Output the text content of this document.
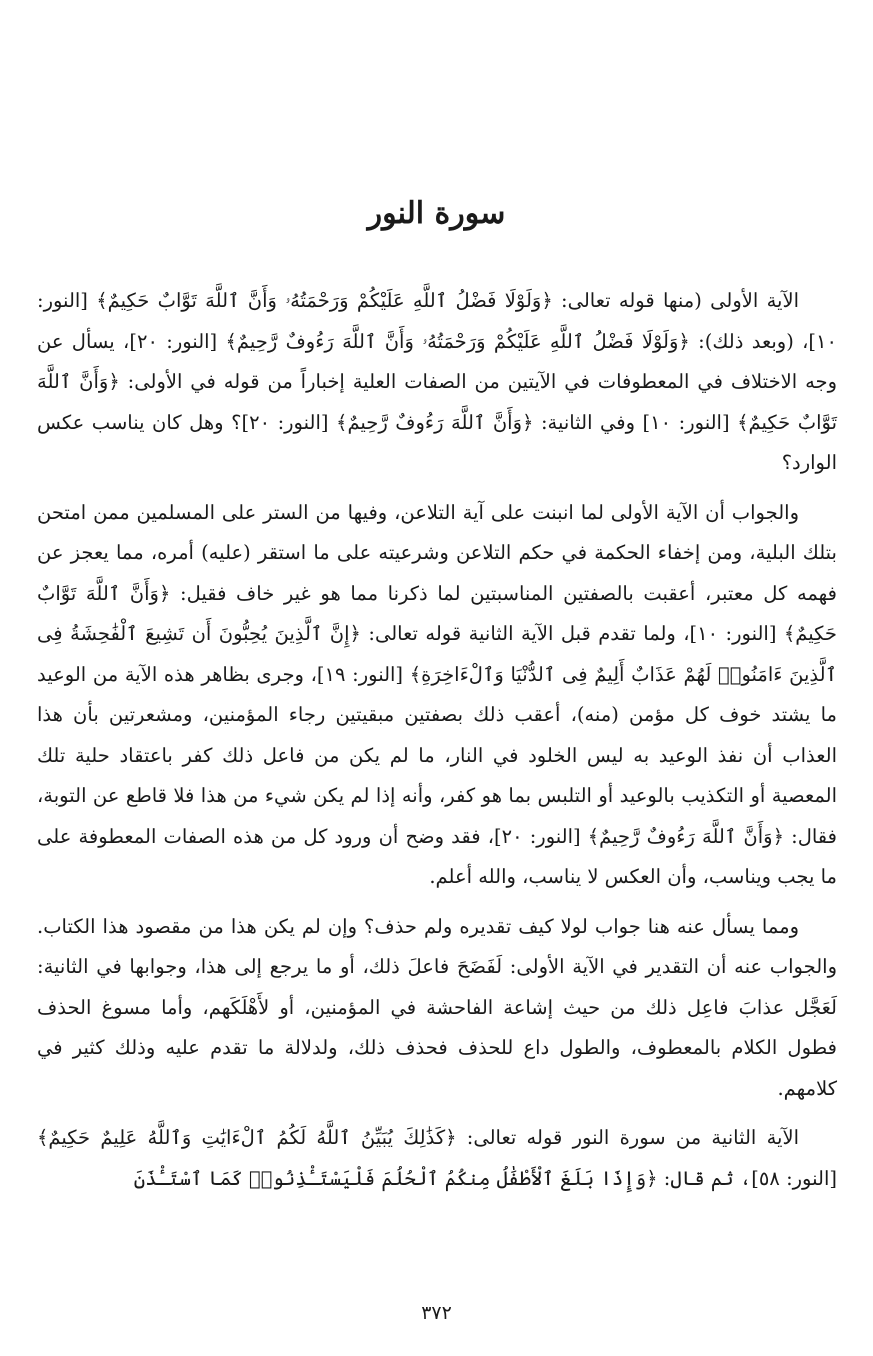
سورة النور

الآية الأولى (منها قوله تعالى: ﴿وَلَوْلَا فَضْلُ ٱللَّهِ عَلَيْكُمْ وَرَحْمَتُهُۥ وَأَنَّ ٱللَّهَ تَوَّابٌ حَكِيمٌ﴾ [النور: ١٠]، (وبعد ذلك): ﴿وَلَوْلَا فَضْلُ ٱللَّهِ عَلَيْكُمْ وَرَحْمَتُهُۥ وَأَنَّ ٱللَّهَ رَءُوفٌ رَّحِيمٌ﴾ [النور: ٢٠]، يسأل عن وجه الاختلاف في المعطوفات في الآيتين من الصفات العلية إخباراً من قوله في الأولى: ﴿وَأَنَّ ٱللَّهَ تَوَّابٌ حَكِيمٌ﴾ [النور: ١٠] وفي الثانية: ﴿وَأَنَّ ٱللَّهَ رَءُوفٌ رَّحِيمٌ﴾ [النور: ٢٠]؟ وهل كان يناسب عكس الوارد؟

والجواب أن الآية الأولى لما انبنت على آية التلاعن، وفيها من الستر على المسلمين ممن امتحن بتلك البلية، ومن إخفاء الحكمة في حكم التلاعن وشرعيته على ما استقر (عليه) أمره، مما يعجز عن فهمه كل معتبر، أعقبت بالصفتين المناسبتين لما ذكرنا مما هو غير خاف فقيل: ﴿وَأَنَّ ٱللَّهَ تَوَّابٌ حَكِيمٌ﴾ [النور: ١٠]، ولما تقدم قبل الآية الثانية قوله تعالى: ﴿إِنَّ ٱلَّذِينَ يُحِبُّونَ أَن تَشِيعَ ٱلْفَٰحِشَةُ فِى ٱلَّذِينَ ءَامَنُوا۟ لَهُمْ عَذَابٌ أَلِيمٌ فِى ٱلدُّنْيَا وَٱلْءَاخِرَةِ﴾ [النور: ١٩]، وجرى بظاهر هذه الآية من الوعيد ما يشتد خوف كل مؤمن (منه)، أعقب ذلك بصفتين مبقيتين رجاء المؤمنين، ومشعرتين بأن هذا العذاب أن نفذ الوعيد به ليس الخلود في النار، ما لم يكن من فاعل ذلك كفر باعتقاد حلية تلك المعصية أو التكذيب بالوعيد أو التلبس بما هو كفر، وأنه إذا لم يكن شيء من هذا فلا قاطع عن التوبة، فقال: ﴿وَأَنَّ ٱللَّهَ رَءُوفٌ رَّحِيمٌ﴾ [النور: ٢٠]، فقد وضح أن ورود كل من هذه الصفات المعطوفة على ما يجب ويناسب، وأن العكس لا يناسب، والله أعلم.

ومما يسأل عنه هنا جواب لولا كيف تقديره ولم حذف؟ وإن لم يكن هذا من مقصود هذا الكتاب. والجواب عنه أن التقدير في الآية الأولى: لَفَضَحَ فاعلَ ذلك، أو ما يرجع إلى هذا، وجوابها في الثانية: لَعَجَّل عذابَ فاعِل ذلك من حيث إشاعة الفاحشة في المؤمنين، أو لأَهْلَكَهم، وأما مسوغ الحذف فطول الكلام بالمعطوف، والطول داع للحذف فحذف ذلك، ولدلالة ما تقدم عليه وذلك كثير في كلامهم.

الآية الثانية من سورة النور قوله تعالى: ﴿كَذَٰلِكَ يُبَيِّنُ ٱللَّهُ لَكُمُ ٱلْءَايَٰتِ وَٱللَّهُ عَلِيمٌ حَكِيمٌ﴾ [النور: ٥٨]، ثم قال: ﴿وَإِذَا بَلَغَ ٱلْأَطْفَٰلُ مِنكُمُ ٱلْحُلُمَ فَلْيَسْتَـْٔذِنُوا۟ كَمَا ٱسْتَـْٔذَنَ

٣٧٢
